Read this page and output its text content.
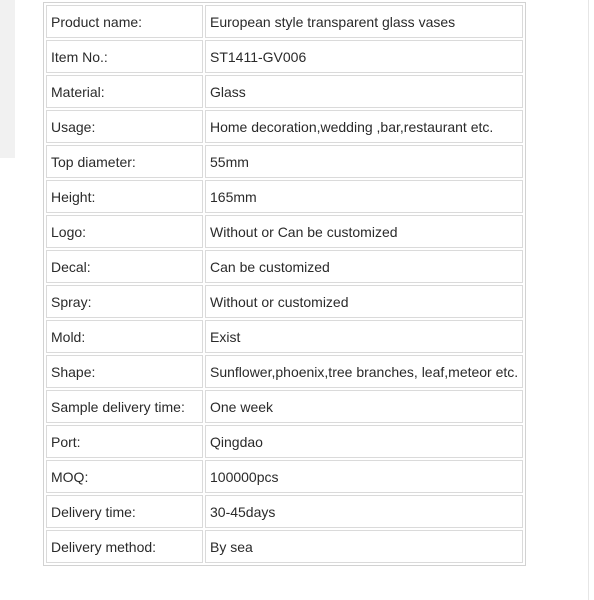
Product name:	European style transparent glass vases
Item No.:	ST1411-GV006
Material:	Glass
Usage:	Home decoration,wedding ,bar,restaurant etc.
Top diameter:	55mm
Height:	165mm
Logo:	Without or Can be customized
Decal:	Can be customized
Spray:	Without or customized
Mold:	Exist
Shape:	Sunflower,phoenix,tree branches, leaf,meteor etc.
Sample delivery time:	One week
Port:	Qingdao
MOQ:	100000pcs
Delivery time:	30-45days
Delivery method:	By sea
